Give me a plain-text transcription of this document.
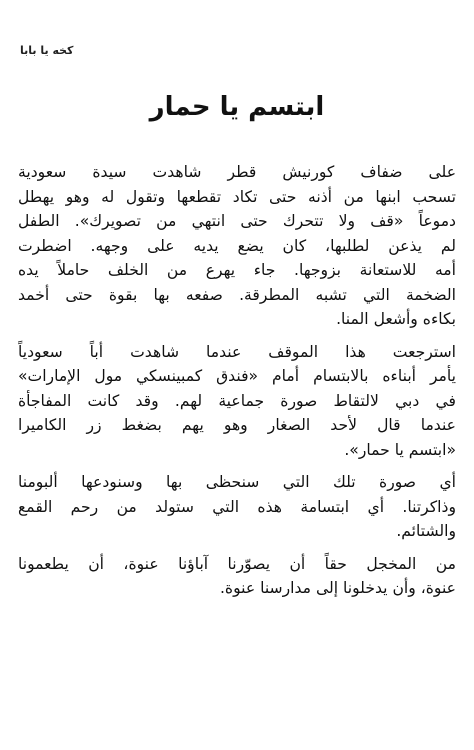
كخه يا بابا
ابتسم يا حمار
على ضفاف كورنيش قطر شاهدت سيدة سعودية
تسحب ابنها من أذنه حتى تكاد تقطعها وتقول له وهو يهطل
دموعاً «قف ولا تتحرك حتى انتهي من تصويرك». الطفل
لم يذعن لطلبها، كان يضع يديه على وجهه. اضطرت
أمه للاستعانة بزوجها. جاء يهرع من الخلف حاملاً يده
الضخمة التي تشبه المطرقة. صفعه بها بقوة حتى أخمد
بكاءه وأشعل المنا.
استرجعت هذا الموقف عندما شاهدت أباً سعودياً
يأمر أبناءه بالابتسام أمام «فندق كمبينسكي مول الإمارات»
في دبي لالتقاط صورة جماعية لهم. وقد كانت المفاجأة
عندما قال لأحد الصغار وهو يهم بضغط زر الكاميرا
«ابتسم يا حمار».
أي صورة تلك التي سنحظى بها وسنودعها ألبومنا
وذاكرتنا. أي ابتسامة هذه التي ستولد من رحم القمع
والشتائم.
من المخجل حقاً أن يصوّرنا آباؤنا عنوة، أن يطعمونا
عنوة، وأن يدخلونا إلى مدارسنا عنوة.
